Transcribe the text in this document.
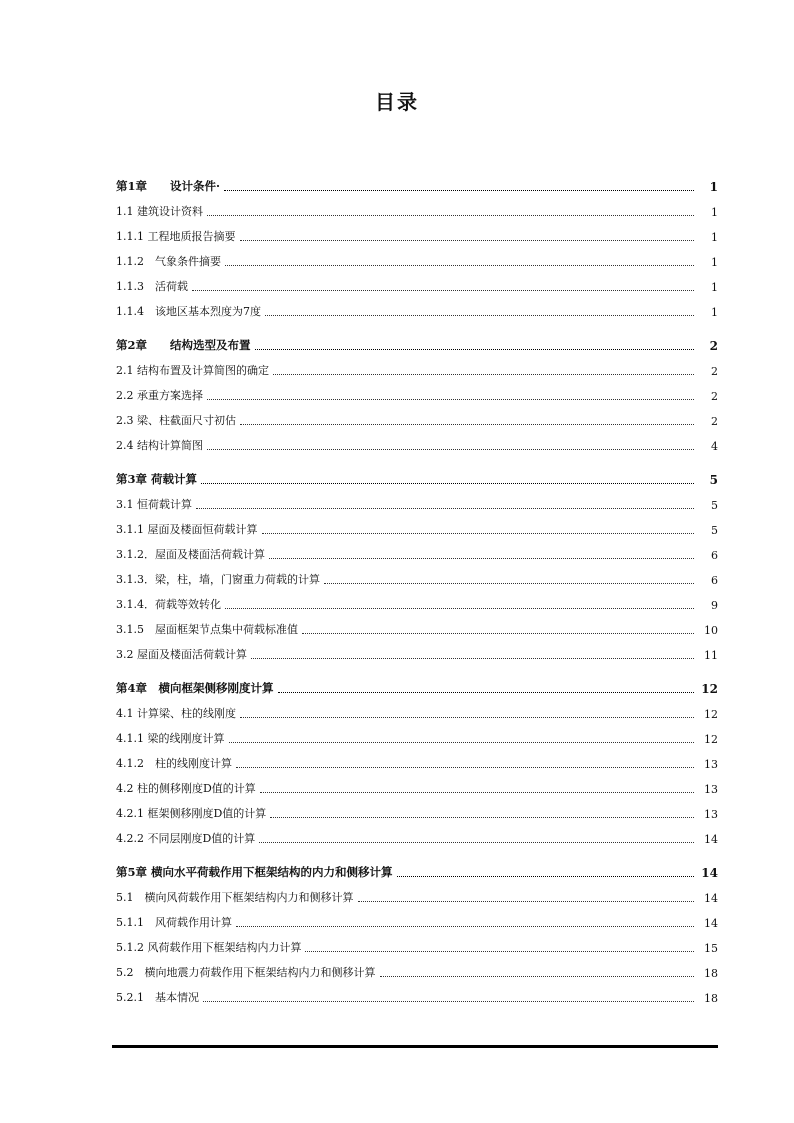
目录
第1章　　设计条件·	1
1.1 建筑设计资料	1
1.1.1 工程地质报告摘要	1
1.1.2　气象条件摘要	1
1.1.3　活荷载	1
1.1.4　该地区基本烈度为7度	1
第2章　　结构选型及布置	2
2.1 结构布置及计算简图的确定	2
2.2 承重方案选择	2
2.3 梁、柱截面尺寸初估	2
2.4 结构计算简图	4
第3章 荷载计算	5
3.1 恒荷载计算	5
3.1.1 屋面及楼面恒荷载计算	5
3.1.2．屋面及楼面活荷载计算	6
3.1.3．梁，柱，墙，门窗重力荷载的计算	6
3.1.4．荷载等效转化	9
3.1.5　屋面框架节点集中荷载标准值	10
3.2 屋面及楼面活荷载计算	11
第4章　横向框架侧移刚度计算	12
4.1 计算梁、柱的线刚度	12
4.1.1 梁的线刚度计算	12
4.1.2　柱的线刚度计算	13
4.2 柱的侧移刚度D值的计算	13
4.2.1 框架侧移刚度D值的计算	13
4.2.2 不同层刚度D值的计算	14
第5章 横向水平荷载作用下框架结构的内力和侧移计算	14
5.1　横向风荷载作用下框架结构内力和侧移计算	14
5.1.1　风荷载作用计算	14
5.1.2 风荷载作用下框架结构内力计算	15
5.2　横向地震力荷载作用下框架结构内力和侧移计算	18
5.2.1　基本情况	18
